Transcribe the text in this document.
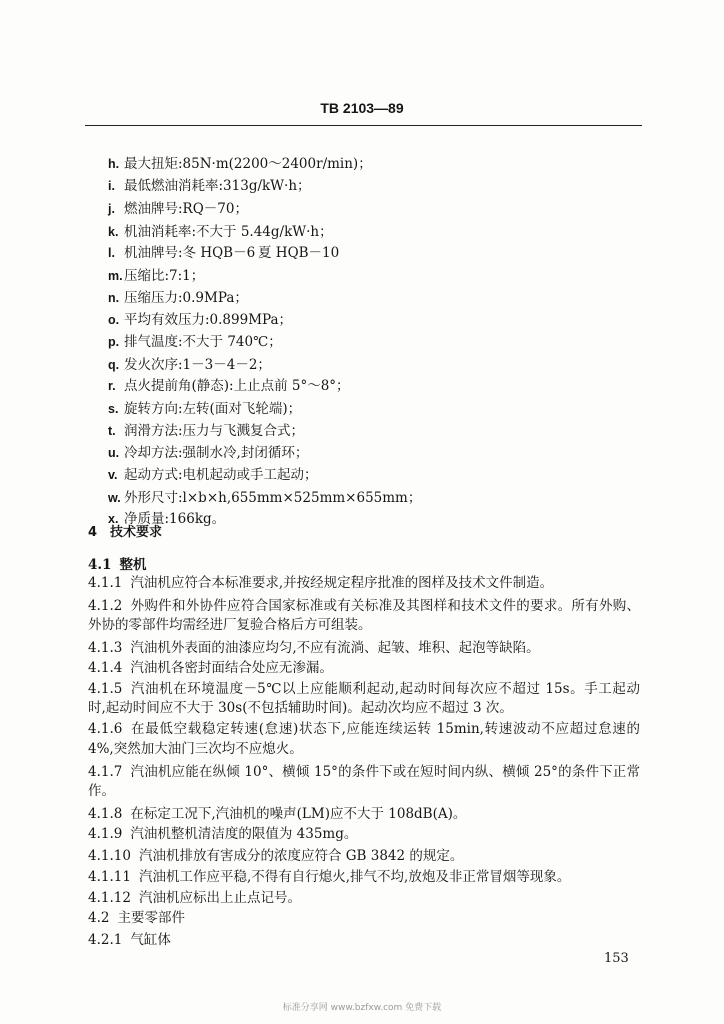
TB 2103—89
h. 最大扭矩:85N·m(2200～2400r/min)；
i. 最低燃油消耗率:313g/kW·h；
j. 燃油牌号:RQ－70；
k. 机油消耗率:不大于 5.44g/kW·h；
l. 机油牌号:冬 HQB－6 夏 HQB－10
m. 压缩比:7:1；
n. 压缩压力:0.9MPa；
o. 平均有效压力:0.899MPa；
p. 排气温度:不大于 740℃；
q. 发火次序:1－3－4－2；
r. 点火提前角(静态):上止点前 5°～8°；
s. 旋转方向:左转(面对飞轮端)；
t. 润滑方法:压力与飞溅复合式；
u. 冷却方法:强制水冷,封闭循环；
v. 起动方式:电机起动或手工起动；
w. 外形尺寸:l×b×h,655mm×525mm×655mm；
x. 净质量:166kg。
4  技术要求
4.1 整机
4.1.1 汽油机应符合本标准要求,并按经规定程序批准的图样及技术文件制造。
4.1.2 外购件和外协件应符合国家标准或有关标准及其图样和技术文件的要求。所有外购、
外协的零部件均需经进厂复验合格后方可组装。
4.1.3 汽油机外表面的油漆应均匀,不应有流淌、起皱、堆积、起泡等缺陷。
4.1.4 汽油机各密封面结合处应无渗漏。
4.1.5 汽油机在环境温度－5℃以上应能顺利起动,起动时间每次应不超过 15s。手工起动
时,起动时间应不大于 30s(不包括辅助时间)。起动次均应不超过 3 次。
4.1.6 在最低空载稳定转速(怠速)状态下,应能连续运转 15min,转速波动不应超过怠速的
4%,突然加大油门三次均不应熄火。
4.1.7 汽油机应能在纵倾 10°、横倾 15°的条件下或在短时间内纵、横倾 25°的条件下正常
作。
4.1.8 在标定工况下,汽油机的噪声(LM)应不大于 108dB(A)。
4.1.9 汽油机整机清洁度的限值为 435mg。
4.1.10 汽油机排放有害成分的浓度应符合 GB 3842 的规定。
4.1.11 汽油机工作应平稳,不得有自行熄火,排气不均,放炮及非正常冒烟等现象。
4.1.12 汽油机应标出上止点记号。
4.2 主要零部件
4.2.1 气缸体
153
标准分享网 www.bzfxw.com 免费下载
